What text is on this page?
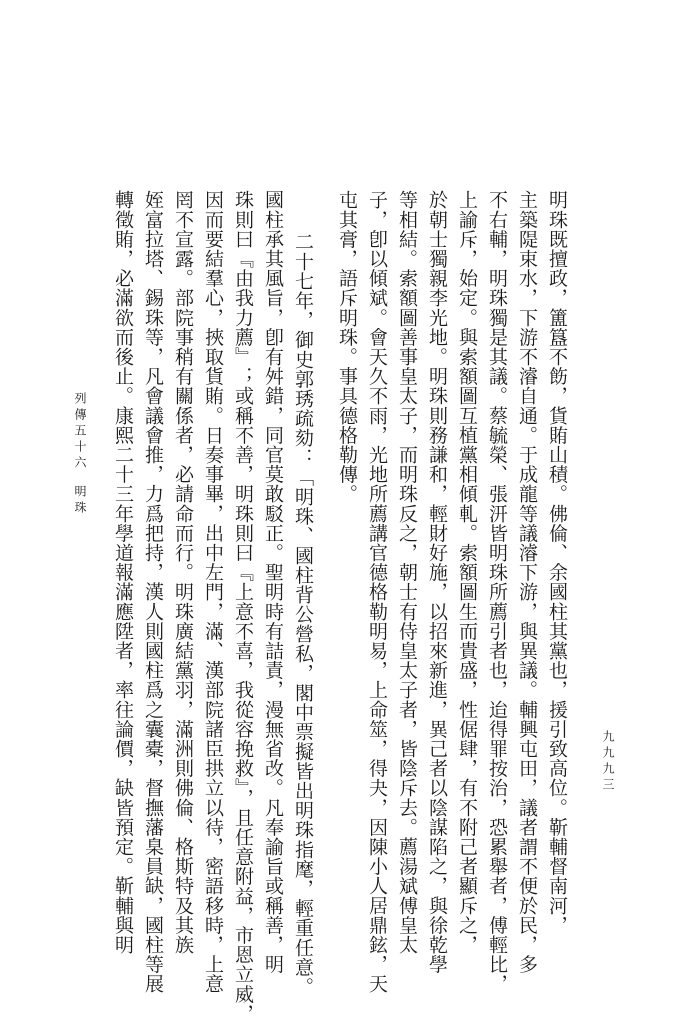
列傳五十六
明珠
九九九三
明珠既擅政，簠簋不飭，貨賄山積。佛倫、余國柱其黨也，援引致高位。靳輔督南河，
主築隄束水，下游不濬自通。于成龍等議濬下游，與異議。輔興屯田，議者謂不便於民，多
不右輔，明珠獨是其議。蔡毓榮、張汧皆明珠所薦引者也，迨得罪按治，恐累舉者，傅輕比，
上諭斥，始定。與索額圖互植黨相傾軋。索額圖生而貴盛，性倨肆，有不附己者顯斥之，
於朝士獨親李光地。明珠則務謙和，輕財好施，以招來新進，異己者以陰謀陷之，與徐乾學
等相結。索額圖善事皇太子，而明珠反之，朝士有侍皇太子者，皆陰斥去。薦湯斌傅皇太
子，卽以傾斌。會天久不雨，光地所薦講官德格勒明易，上命筮，得夬，因陳小人居鼎鉉，天
屯其膏，語斥明珠。事具德格勒傳。
二十七年，御史郭琇疏劾：「明珠、國柱背公營私，閣中票擬皆出明珠指麾，輕重任意。
國柱承其風旨，卽有舛錯，同官莫敢駁正。聖明時有詰責，漫無省改。凡奉諭旨或稱善，明
珠則曰『由我力薦』；或稱不善，明珠則曰『上意不喜，我從容挽救』，且任意附益，市恩立威，
因而要結羣心，挾取貨賄。日奏事畢，出中左門，滿、漢部院諸臣拱立以待，密語移時，上意
罔不宣露。部院事稍有關係者，必請命而行。明珠廣結黨羽，滿洲則佛倫、格斯特及其族
姪富拉塔、錫珠等，凡會議會推，力爲把持，漢人則國柱爲之囊橐，督撫藩臬員缺，國柱等展
轉徵賄，必滿欲而後止。康熙二十三年學道報滿應陞者，率往論價，缺皆預定。靳輔與明
